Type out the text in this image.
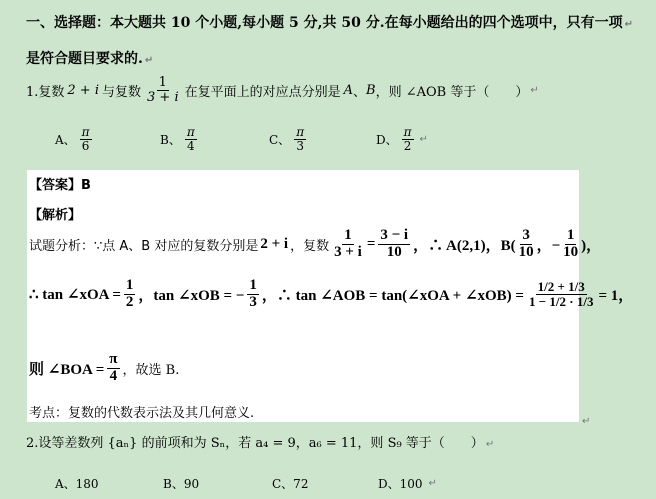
一、选择题：本大题共 10 个小题,每小题 5 分,共 50 分.在每小题给出的四个选项中，只有一项 ↵
是符合题目要求的. ↵
1.复数 2 + i 与复数 $\frac{1}{3 + i}$ 在复平面上的对应点分别是 A 、 B ，则 ∠AOB 等于（　　） ↵
A、 $\frac{\pi}{6}$	B、 $\frac{\pi}{4}$	C、 $\frac{\pi}{3}$	D、 $\frac{\pi}{2}$ ↵
【答案】B
【解析】
试题分析：∵点 A、B 对应的复数分别是 2 + i ，复数 $\frac{1}{3 + i} = \frac{3 - i}{10}$ ，∴ A(2,1)，$B( \frac{3}{10}$ ，− $\frac{1}{10}$ )，
∴ tan ∠xOA = $\frac{1}{2}$ ，tan ∠xOB = − $\frac{1}{3}$ ，∴ tan ∠AOB = tan(∠xOA + ∠xOB) = $\frac{1/2 + 1/3}{1 - 1/2 \cdot 1/3} = 1$，
则 ∠BOA = $\frac{\pi}{4}$ ，故选 B.
考点：复数的代数表示法及其几何意义.
↵
2.设等差数列 {aₙ} 的前项和为 Sₙ，若 a₄ = 9，a₆ = 11，则 S₉ 等于（　　） ↵
A、180	B、90	C、72	D、100 ↵
